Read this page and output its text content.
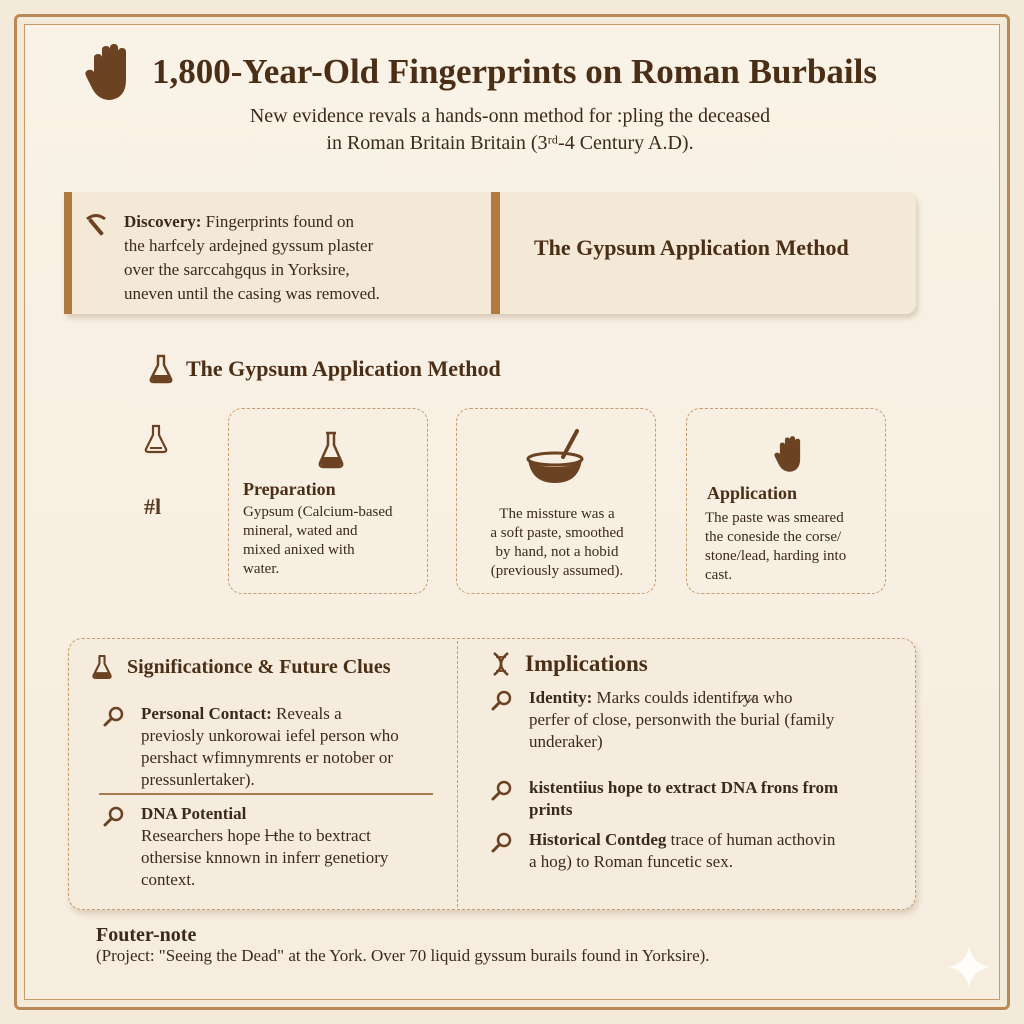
1,800-Year-Old Fingerprints on Roman Burbails
New evidence revals a hands-onn method for :pling the deceased
in Roman Britain Britain (3ʳᵈ-4 Century A.D).
Discovery: Fingerprints found on
the harfcely ardejned gyssum plaster
over the sarccahgqus in Yorksire,
uneven until the casing was removed.
The Gypsum Application Method
The Gypsum Application Method
#l
Preparation
Gypsum (Calcium-based
mineral, wated and
mixed anixed with
water.
The missture was a
a soft paste, smoothed
by hand, not a hobid
(previously assumed).
Application
The paste was smeared
the coneside the corse/
stone/lead, harding into
cast.
Significationce & Future Clues
Personal Contact: Reveals a
previosly unkorowai iefel person who
pershact wfimnymrents er notober or
pressunlertaker).
DNA Potential
Researchers hope l̶ ̶the to bextract
othersise knnown in inferr genetiory
context.
Implications
Identity: Marks coulds identifr̷y̷a who
perfer of close, personwith the burial (family
underaker)
kistentiius hope to extract DNA frons from
prints
Historical Contdeg trace of human acthovin
a hog) to Roman funcetic sex.
Fouter-note
(Project: "Seeing the Dead" at the York. Over 70 liquid gyssum burails found in Yorksire).
